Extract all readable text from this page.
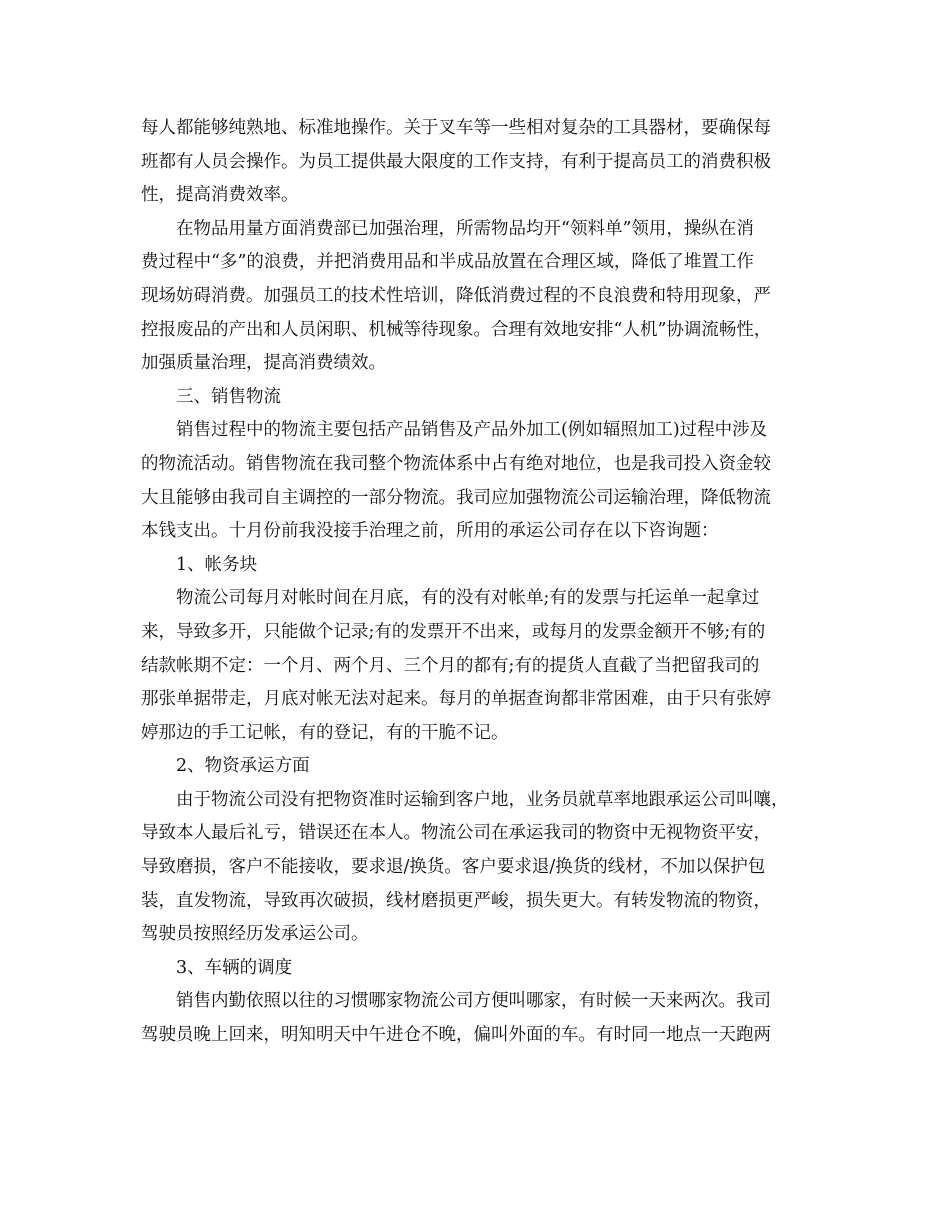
每人都能够纯熟地、标准地操作。关于叉车等一些相对复杂的工具器材，要确保每
班都有人员会操作。为员工提供最大限度的工作支持，有利于提高员工的消费积极
性，提高消费效率。
在物品用量方面消费部已加强治理，所需物品均开“领料单”领用，操纵在消
费过程中“多”的浪费，并把消费用品和半成品放置在合理区域，降低了堆置工作
现场妨碍消费。加强员工的技术性培训，降低消费过程的不良浪费和特用现象，严
控报废品的产出和人员闲职、机械等待现象。合理有效地安排“人机”协调流畅性，
加强质量治理，提高消费绩效。
三、销售物流
销售过程中的物流主要包括产品销售及产品外加工(例如辐照加工)过程中涉及
的物流活动。销售物流在我司整个物流体系中占有绝对地位，也是我司投入资金较
大且能够由我司自主调控的一部分物流。我司应加强物流公司运输治理，降低物流
本钱支出。十月份前我没接手治理之前，所用的承运公司存在以下咨询题：
1、帐务块
物流公司每月对帐时间在月底，有的没有对帐单;有的发票与托运单一起拿过
来，导致多开，只能做个记录;有的发票开不出来，或每月的发票金额开不够;有的
结款帐期不定：一个月、两个月、三个月的都有;有的提货人直截了当把留我司的
那张单据带走，月底对帐无法对起来。每月的单据查询都非常困难，由于只有张婷
婷那边的手工记帐，有的登记，有的干脆不记。
2、物资承运方面
由于物流公司没有把物资准时运输到客户地，业务员就草率地跟承运公司叫嚷，
导致本人最后礼亏，错误还在本人。物流公司在承运我司的物资中无视物资平安，
导致磨损，客户不能接收，要求退/换货。客户要求退/换货的线材，不加以保护包
装，直发物流，导致再次破损，线材磨损更严峻，损失更大。有转发物流的物资，
驾驶员按照经历发承运公司。
3、车辆的调度
销售内勤依照以往的习惯哪家物流公司方便叫哪家，有时候一天来两次。我司
驾驶员晚上回来，明知明天中午进仓不晚，偏叫外面的车。有时同一地点一天跑两
